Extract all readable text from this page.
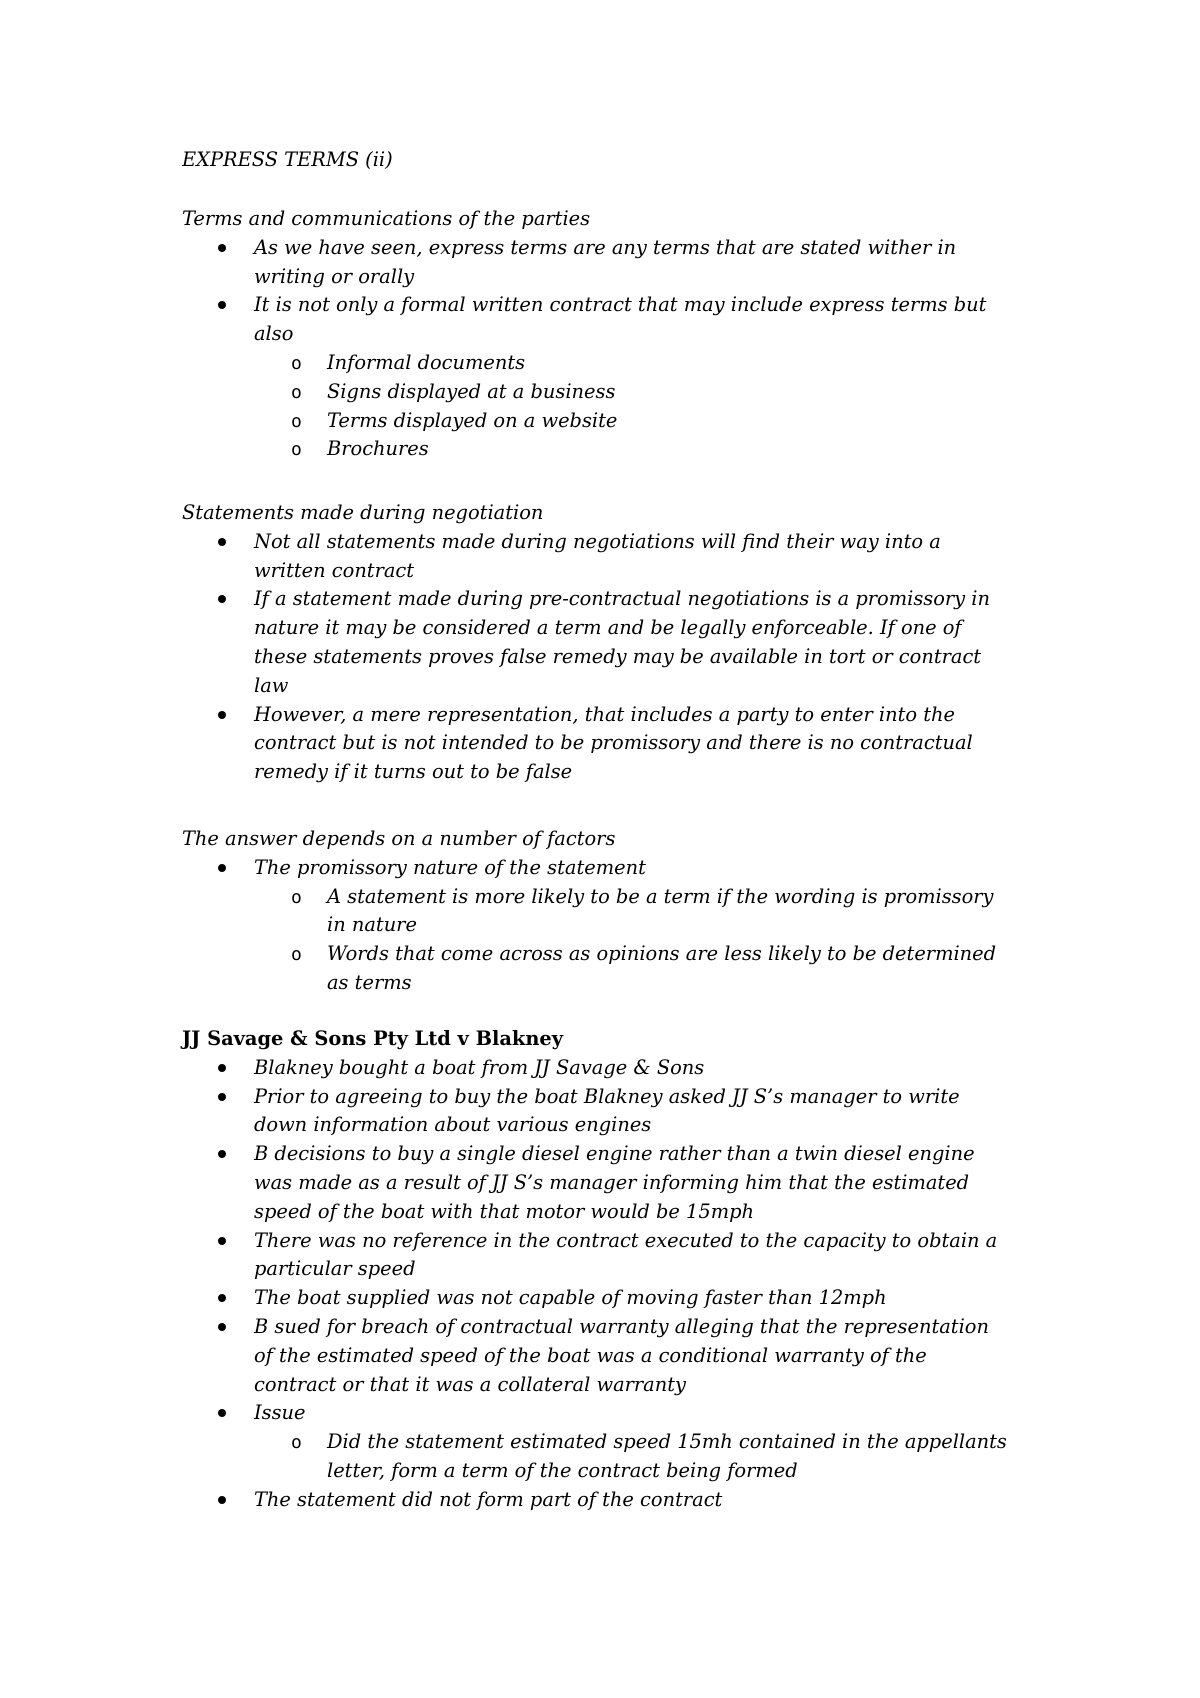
EXPRESS TERMS (ii)
Terms and communications of the parties
As we have seen, express terms are any terms that are stated wither in
writing or orally
It is not only a formal written contract that may include express terms but
also
o Informal documents
o Signs displayed at a business
o Terms displayed on a website
o Brochures
Statements made during negotiation
Not all statements made during negotiations will find their way into a
written contract
If a statement made during pre-contractual negotiations is a promissory in
nature it may be considered a term and be legally enforceable. If one of
these statements proves false remedy may be available in tort or contract
law
However, a mere representation, that includes a party to enter into the
contract but is not intended to be promissory and there is no contractual
remedy if it turns out to be false
The answer depends on a number of factors
The promissory nature of the statement
o A statement is more likely to be a term if the wording is promissory
in nature
o Words that come across as opinions are less likely to be determined
as terms
JJ Savage & Sons Pty Ltd v Blakney
Blakney bought a boat from JJ Savage & Sons
Prior to agreeing to buy the boat Blakney asked JJ S’s manager to write
down information about various engines
B decisions to buy a single diesel engine rather than a twin diesel engine
was made as a result of JJ S’s manager informing him that the estimated
speed of the boat with that motor would be 15mph
There was no reference in the contract executed to the capacity to obtain a
particular speed
The boat supplied was not capable of moving faster than 12mph
B sued for breach of contractual warranty alleging that the representation
of the estimated speed of the boat was a conditional warranty of the
contract or that it was a collateral warranty
Issue
o Did the statement estimated speed 15mh contained in the appellants
letter, form a term of the contract being formed
The statement did not form part of the contract
